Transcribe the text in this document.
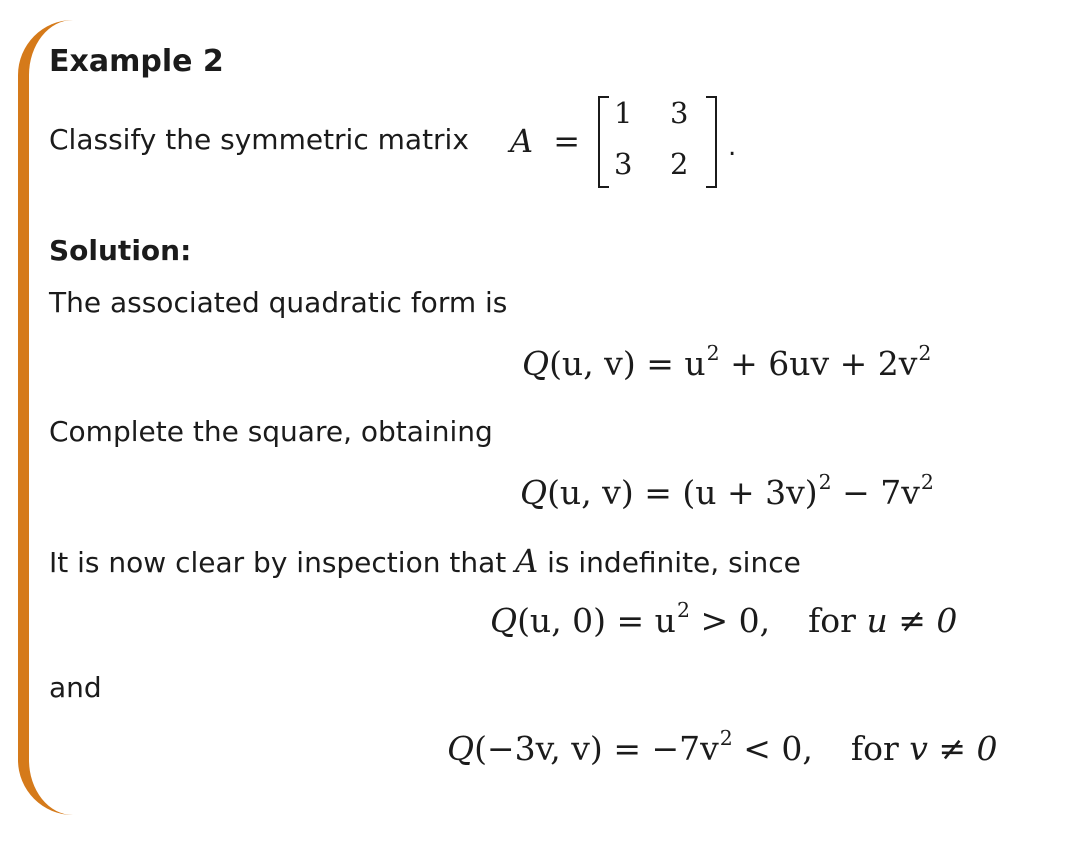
Example 2

Classify the symmetric matrix A =
1 3
3 2 .

Solution:

The associated quadratic form is

Q(u, $v) = u^2 + 6uv + 2v^2$

Complete the square, obtaining

Q(u, $v) = (u + 3v)^2 - 7v^2$

It is now clear by inspection that A is indefinite, since

Q(u, $0) = u^2 > 0$, for u ≠ 0

and

Q(−3v, $v) = -7v^2 < 0$, for v ≠ 0
